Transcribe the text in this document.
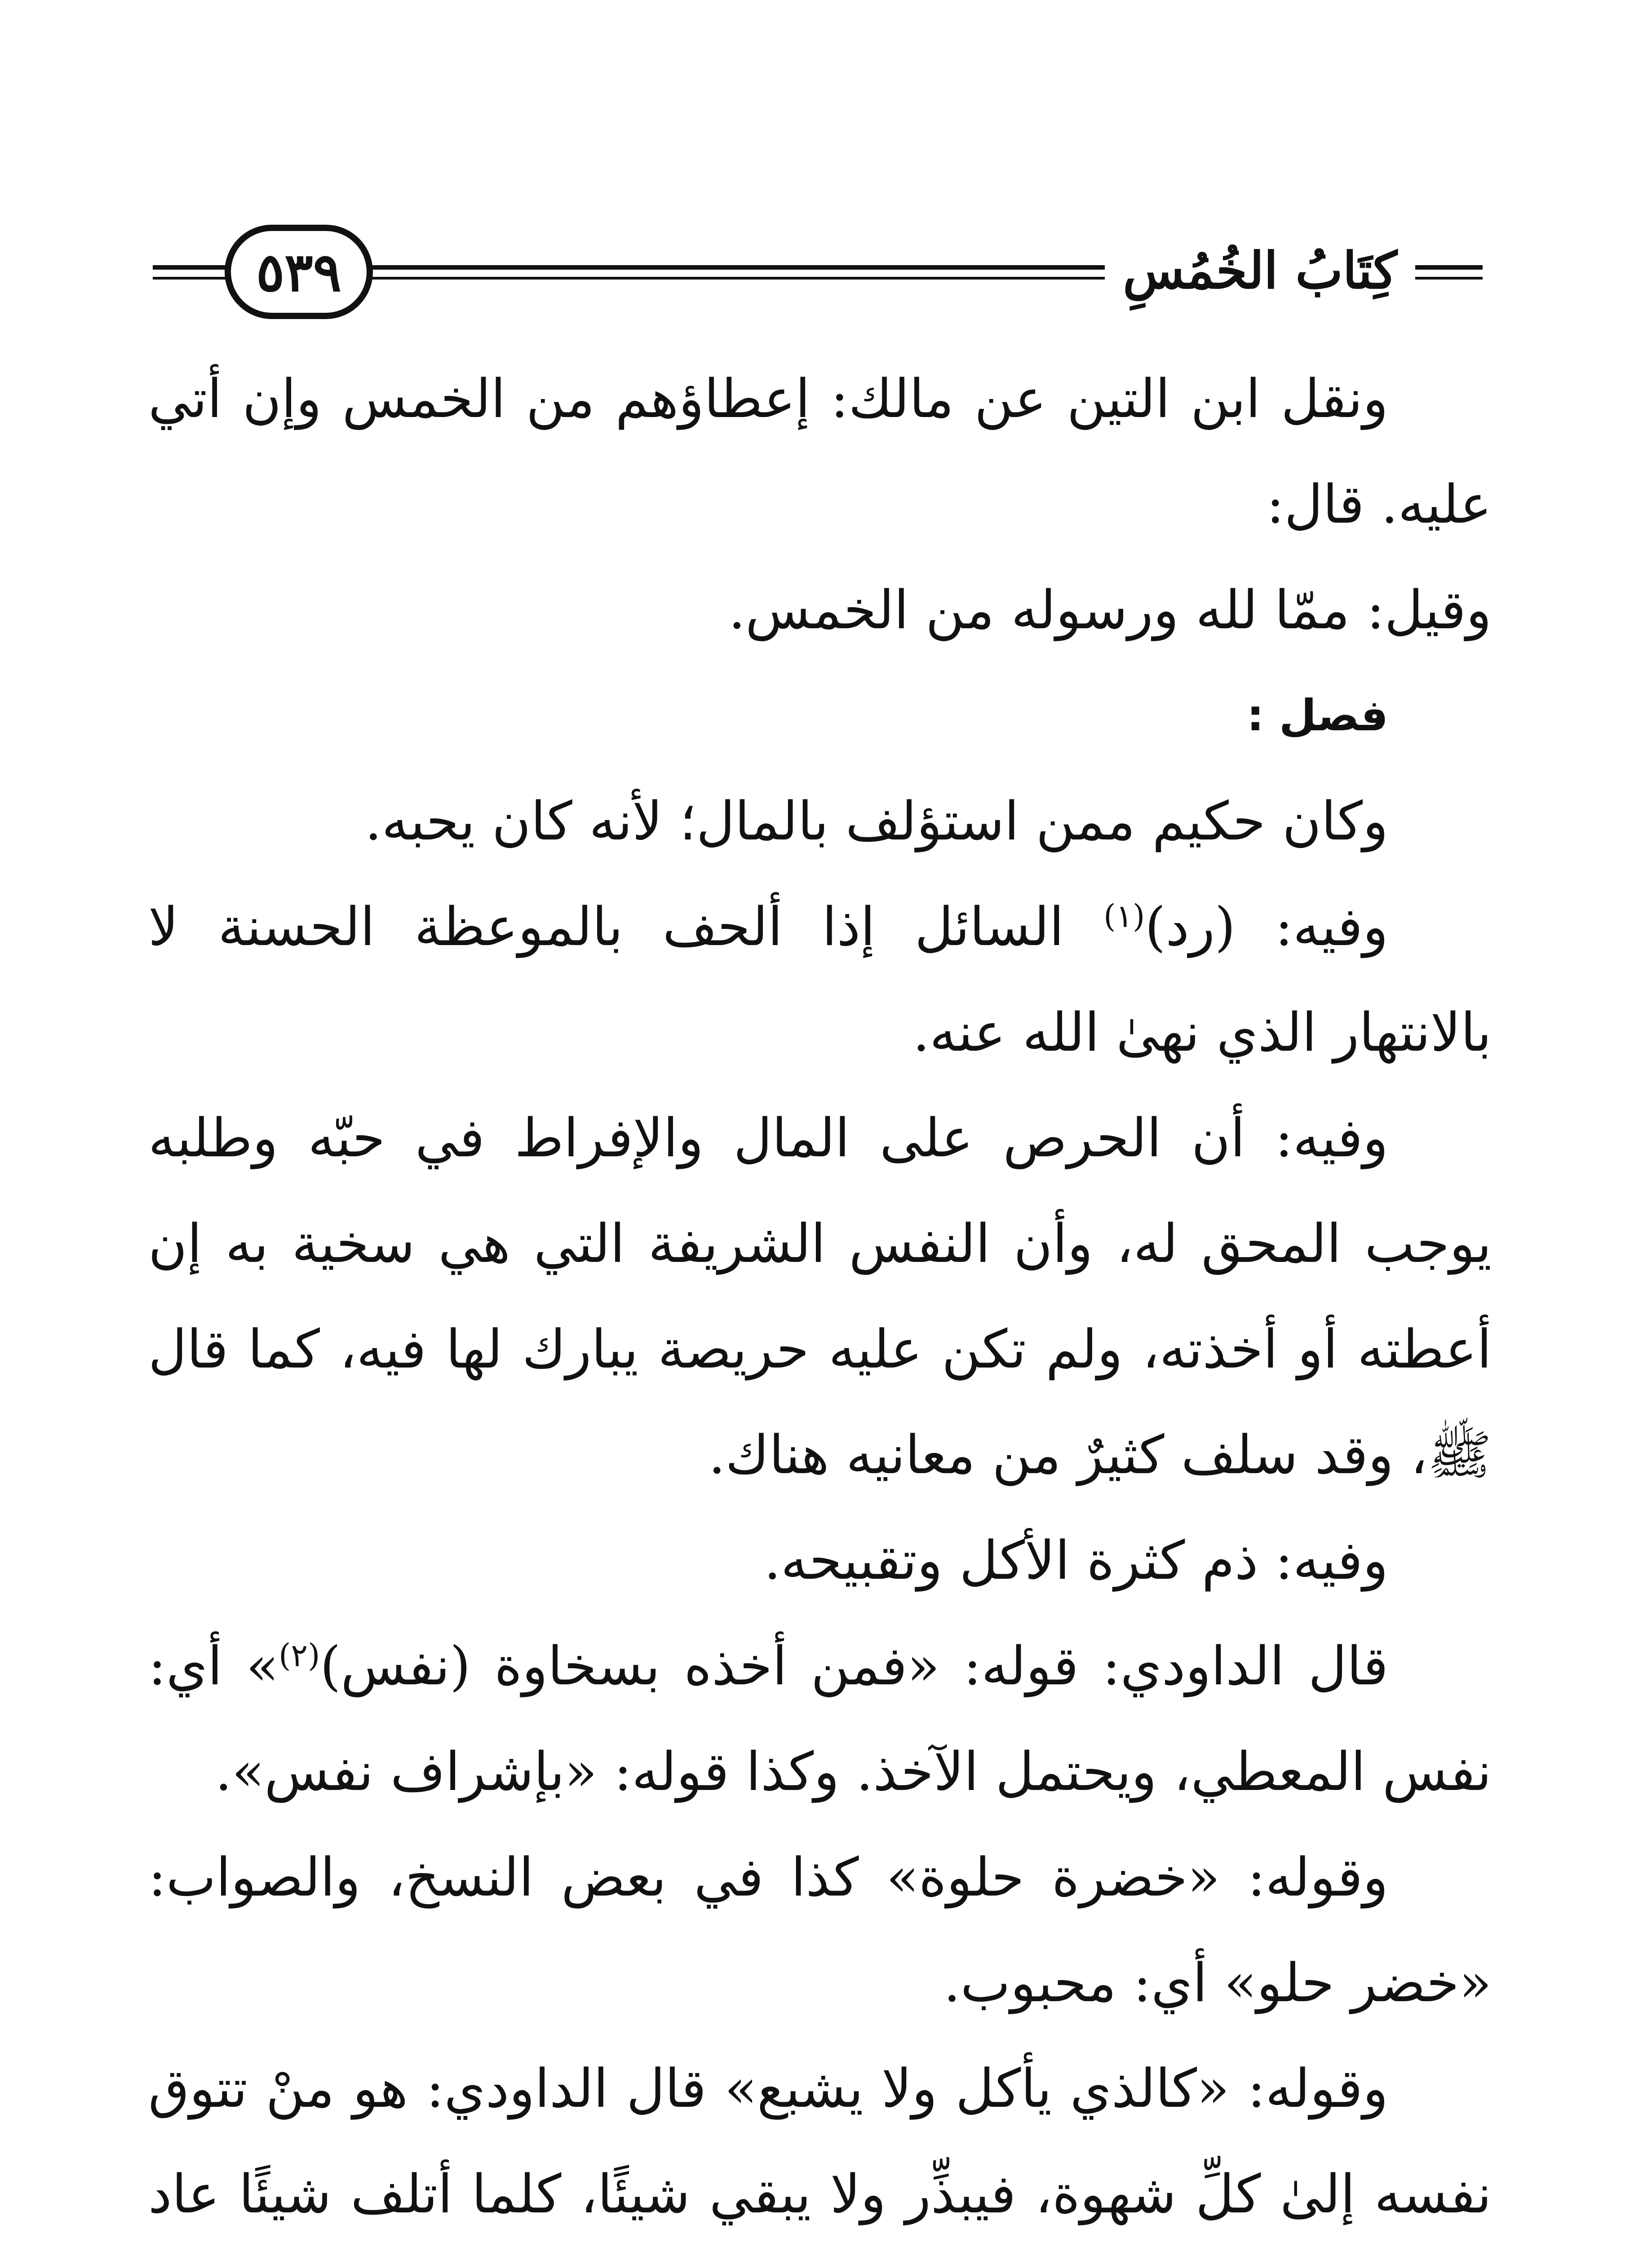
كِتَابُ الخُمُسِ
٥٣٩

ونقل ابن التين عن مالك: إعطاؤهم من الخمس وإن أتي عليه. قال:

وقيل: ممّا لله ورسوله من الخمس.

فصل :

وكان حكيم ممن استؤلف بالمال؛ لأنه كان يحبه.

وفيه: (رد)$^{(١)}$ السائل إذا ألحف بالموعظة الحسنة لا بالانتهار الذي نهىٰ الله عنه.

وفيه: أن الحرص على المال والإفراط في حبّه وطلبه يوجب المحق له، وأن النفس الشريفة التي هي سخية به إن أعطته أو أخذته، ولم تكن عليه حريصة يبارك لها فيه، كما قال ﷺ، وقد سلف كثيرٌ من معانيه هناك.

وفيه: ذم كثرة الأكل وتقبيحه.

قال الداودي: قوله: «فمن أخذه بسخاوة (نفس)$^{(٢)}$» أي: نفس المعطي، ويحتمل الآخذ. وكذا قوله: «بإشراف نفس».

وقوله: «خضرة حلوة» كذا في بعض النسخ، والصواب: «خضر حلو» أي: محبوب.

وقوله: «كالذي يأكل ولا يشبع» قال الداودي: هو منْ تتوق نفسه إلىٰ كلِّ شهوة، فيبذِّر ولا يبقي شيئًا، كلما أتلف شيئًا عاد
